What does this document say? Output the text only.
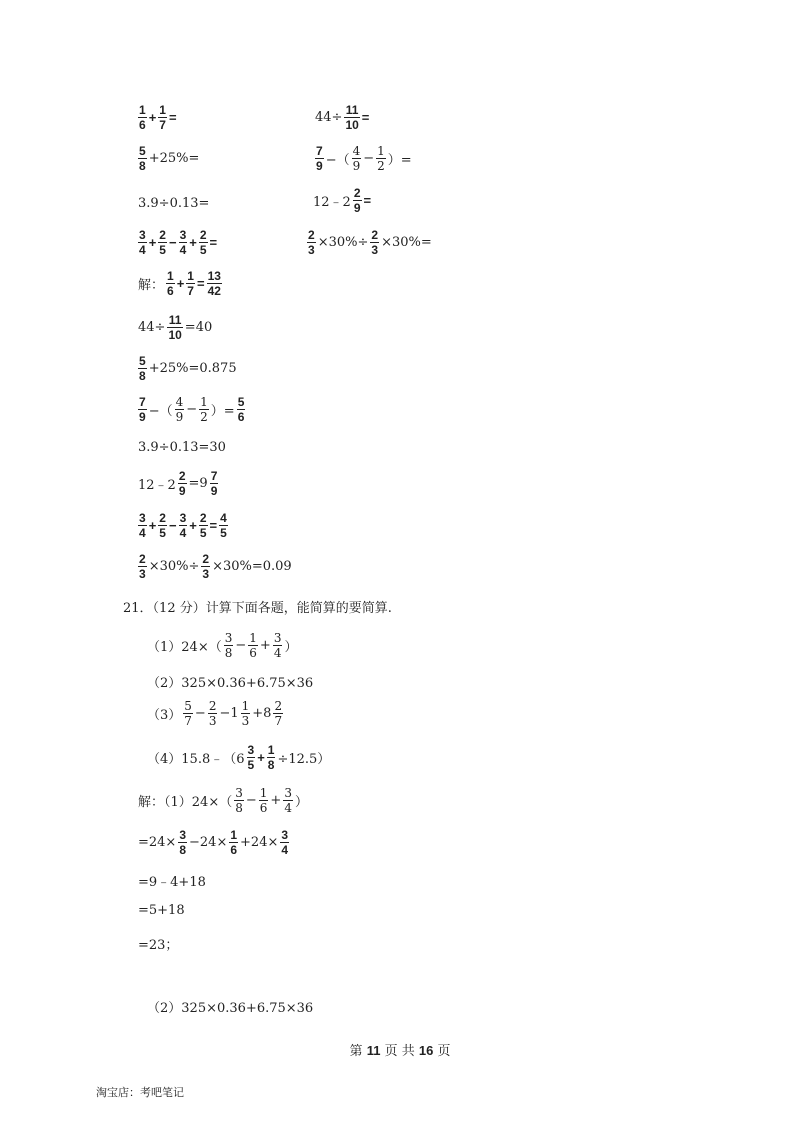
$\frac{1}{6} + \frac{1}{7}$ =	$44\div \frac{11}{10}$ =
$\frac{5}{8} +25\%=$	$\frac{7}{9}$ −（ $\frac{4}{9} - \frac{1}{2}$ ）=
3.9÷0.13=	12﹣2 $\frac{2}{9}$ =
$\frac{3}{4} + \frac{2}{5} - \frac{3}{4} + \frac{2}{5}$ =	$\frac{2}{3} \times 30\%\div \frac{2}{3} \times 30\%=$
解： $\frac{1}{6} + \frac{1}{7} = \frac{13}{42}$
$44\div \frac{11}{10} =40$
$\frac{5}{8} +25\%=0.875$
$\frac{7}{9}$ −（ $\frac{4}{9} - \frac{1}{2}$ ）= $\frac{5}{6}$
3.9÷0.13=30
12﹣2 $\frac{2}{9} =9 \frac{7}{9}$
$\frac{3}{4} + \frac{2}{5} - \frac{3}{4} + \frac{2}{5} = \frac{4}{5}$
$\frac{2}{3} \times 30\%\div \frac{2}{3} \times 30\%=0.09$
21．（12 分）计算下面各题，能简算的要简算.
$(1)24\times( \frac{3}{8} - \frac{1}{6} + \frac{3}{4}$ ）
（2）325×0.36+6.75×36
$(3) \frac{5}{7} - \frac{2}{3} -1 \frac{1}{3} +8 \frac{2}{7}$
（4）15.8﹣（6 $\frac{3}{5} + \frac{1}{8} \div 12.5$）
解：$(1)24\times( \frac{3}{8} - \frac{1}{6} + \frac{3}{4}$ ）
$=24\times \frac{3}{8} -24\times \frac{1}{6} +24\times \frac{3}{4}$
=9﹣4+18
=5+18
=23；
（2）325×0.36+6.75×36
第 11 页 共 16 页
淘宝店：考吧笔记
